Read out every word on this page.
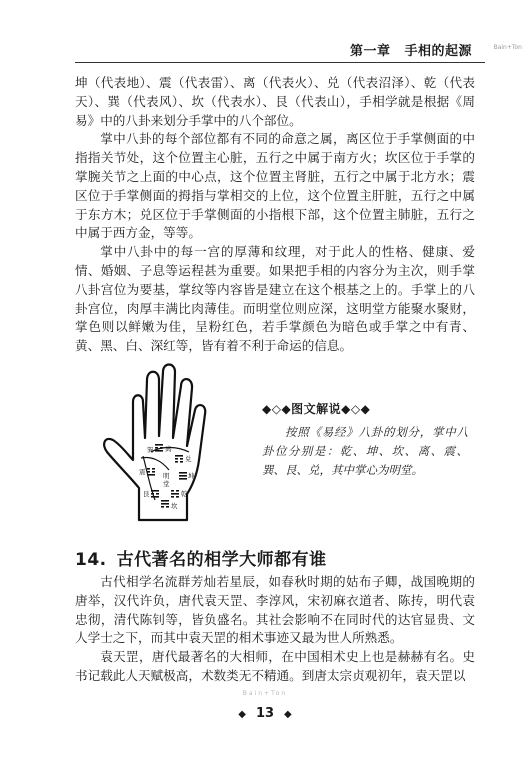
第一章 手相的起源	Bain+Ton

坤（代表地）、震（代表雷）、离（代表火）、兑（代表沼泽）、乾（代表天）、巽（代表风）、坎（代表水）、艮（代表山），手相学就是根据《周易》中的八卦来划分手掌中的八个部位。

掌中八卦的每个部位都有不同的命意之属，离区位于手掌侧面的中指指关节处，这个位置主心脏，五行之中属于南方火；坎区位于手掌的掌腕关节之上面的中心点，这个位置主肾脏，五行之中属于北方水；震区位于手掌侧面的拇指与掌相交的上位，这个位置主肝脏，五行之中属于东方木；兑区位于手掌侧面的小指根下部，这个位置主肺脏，五行之中属于西方金，等等。

掌中八卦中的每一宫的厚薄和纹理，对于此人的性格、健康、爱情、婚姻、子息等运程甚为重要。如果把手相的内容分为主次，则手掌八卦宫位为要基，掌纹等内容皆是建立在这个根基之上的。手掌上的八卦宫位，肉厚丰满比肉薄佳。而明堂位则应深，这明堂方能聚水聚财，掌色则以鲜嫩为佳，呈粉红色，若手掌颜色为暗色或手掌之中有青、黄、黑、白、深红等，皆有着不利于命运的信息。

离
兑
坤
震
乾
坎
艮
巽
明
堂
◆◇◆图文解说◆◇◆
按照《易经》八卦的划分，掌中八卦位分别是：乾、坤、坎、离、震、巽、艮、兑，其中掌心为明堂。
14. 古代著名的相学大师都有谁

古代相学名流群芳灿若星辰，如春秋时期的姑布子卿，战国晚期的唐举，汉代许负，唐代袁天罡、李淳风，宋初麻衣道者、陈抟，明代袁忠彻，清代陈钊等，皆负盛名。其社会影响不在同时代的达官显贵、文人学士之下，而其中袁天罡的相术事迹又最为世人所熟悉。

袁天罡，唐代最著名的大相师，在中国相术史上也是赫赫有名。史书记载此人天赋极高，术数类无不精通。到唐太宗贞观初年，袁天罡以

Bain+Ton
◆ 13 ◆
